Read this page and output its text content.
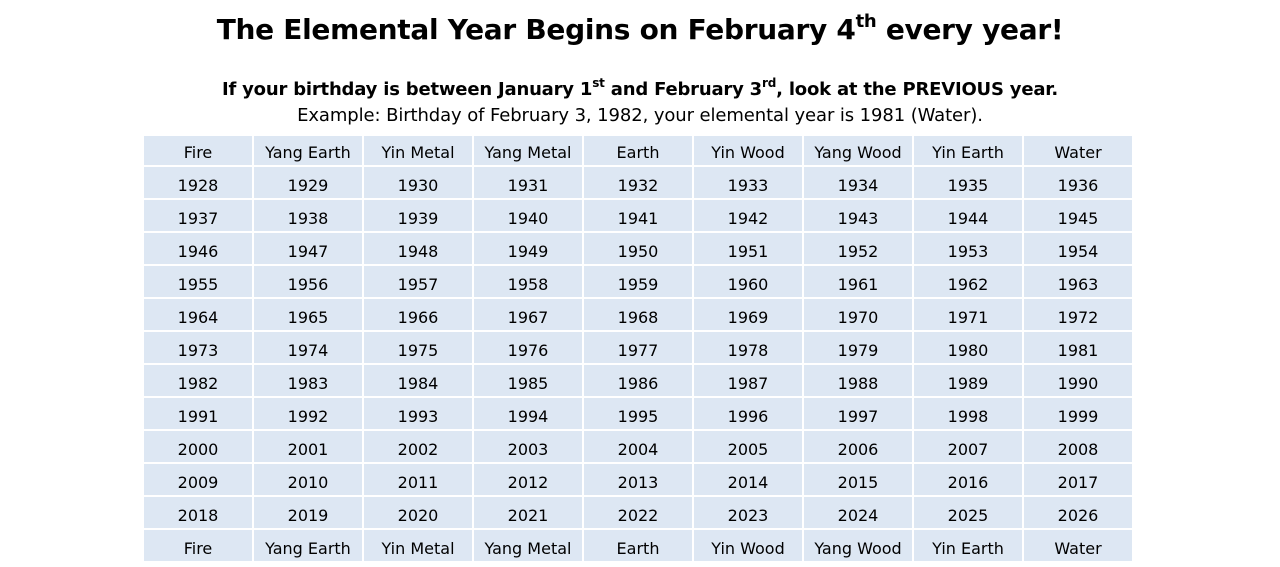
The Elemental Year Begins on February 4th every year!
If your birthday is between January 1st and February 3rd, look at the PREVIOUS year.
Example: Birthday of February 3, 1982, your elemental year is 1981 (Water).
Fire	Yang Earth	Yin Metal	Yang Metal	Earth	Yin Wood	Yang Wood	Yin Earth	Water
1928	1929	1930	1931	1932	1933	1934	1935	1936
1937	1938	1939	1940	1941	1942	1943	1944	1945
1946	1947	1948	1949	1950	1951	1952	1953	1954
1955	1956	1957	1958	1959	1960	1961	1962	1963
1964	1965	1966	1967	1968	1969	1970	1971	1972
1973	1974	1975	1976	1977	1978	1979	1980	1981
1982	1983	1984	1985	1986	1987	1988	1989	1990
1991	1992	1993	1994	1995	1996	1997	1998	1999
2000	2001	2002	2003	2004	2005	2006	2007	2008
2009	2010	2011	2012	2013	2014	2015	2016	2017
2018	2019	2020	2021	2022	2023	2024	2025	2026
Fire	Yang Earth	Yin Metal	Yang Metal	Earth	Yin Wood	Yang Wood	Yin Earth	Water
